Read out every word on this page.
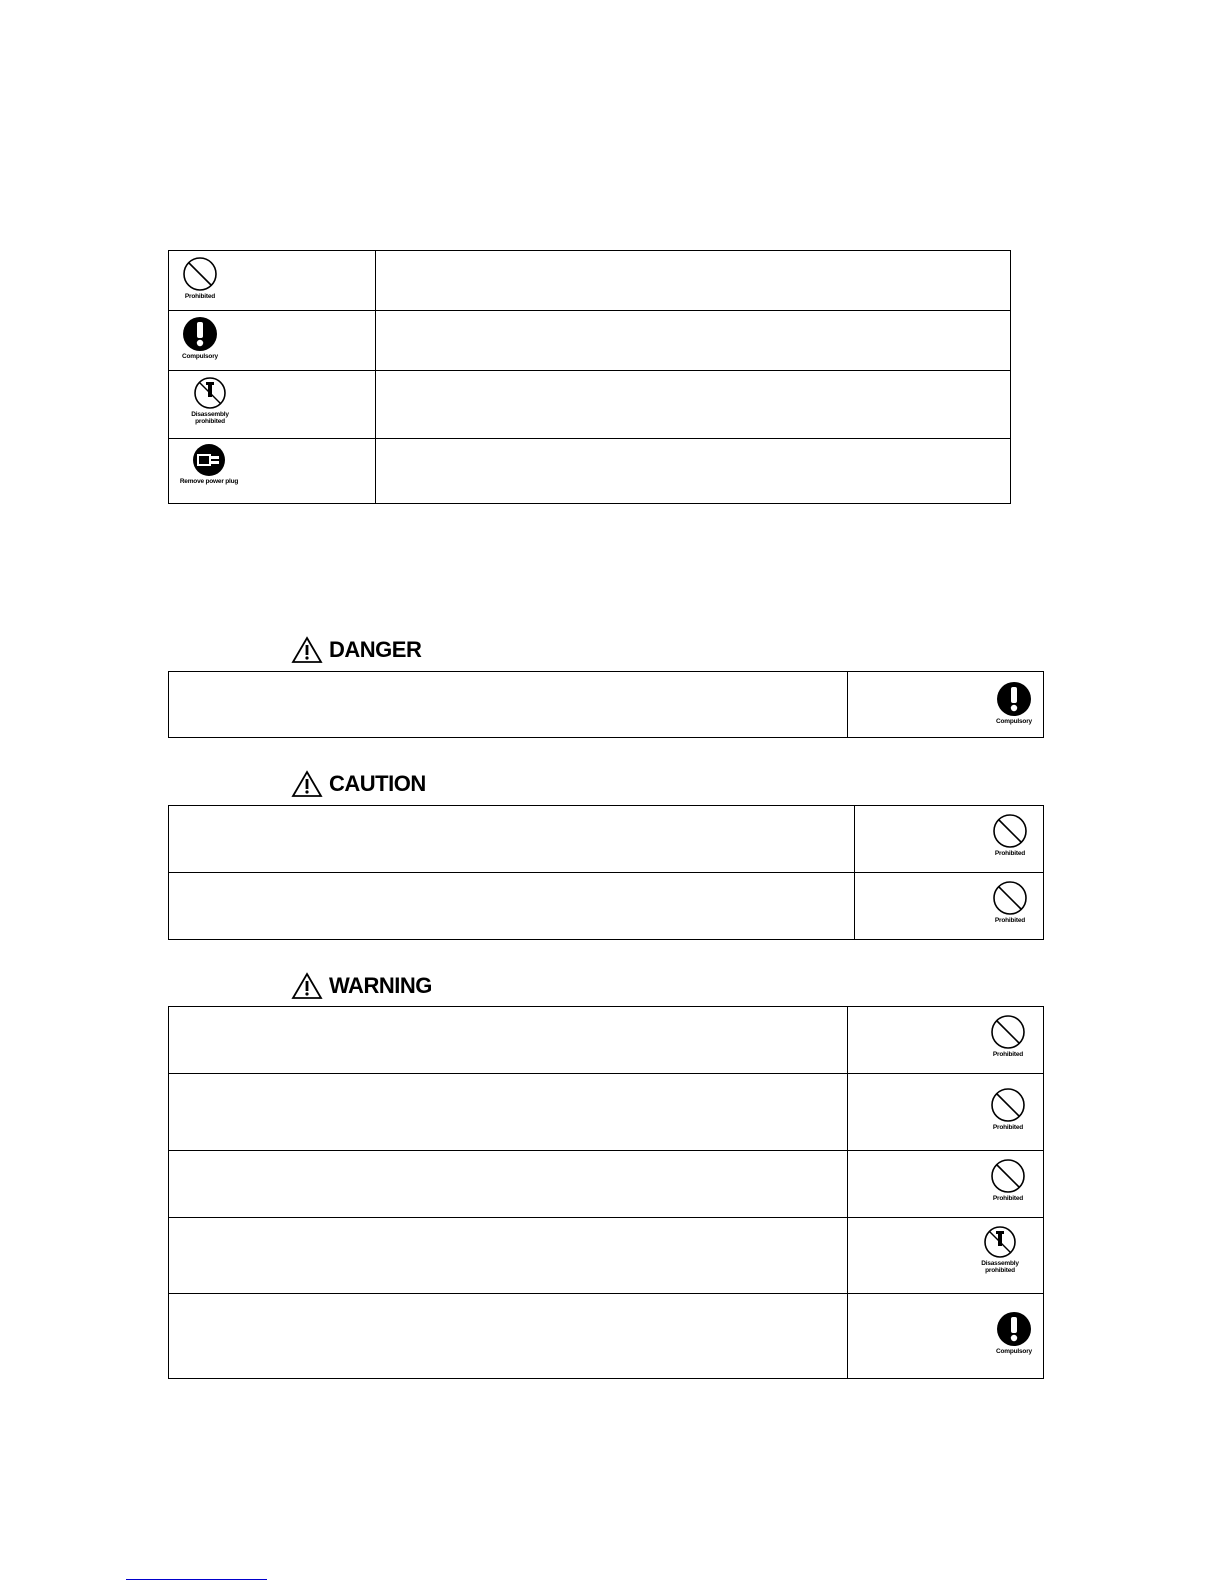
Prohibited	

Compulsory	

Disassembly prohibited	

Remove power plug	

DANGER

Compulsory
CAUTION

	Prohibited

	Prohibited
WARNING

	Prohibited

	Prohibited

	Prohibited

	Disassembly prohibited

	Compulsory
